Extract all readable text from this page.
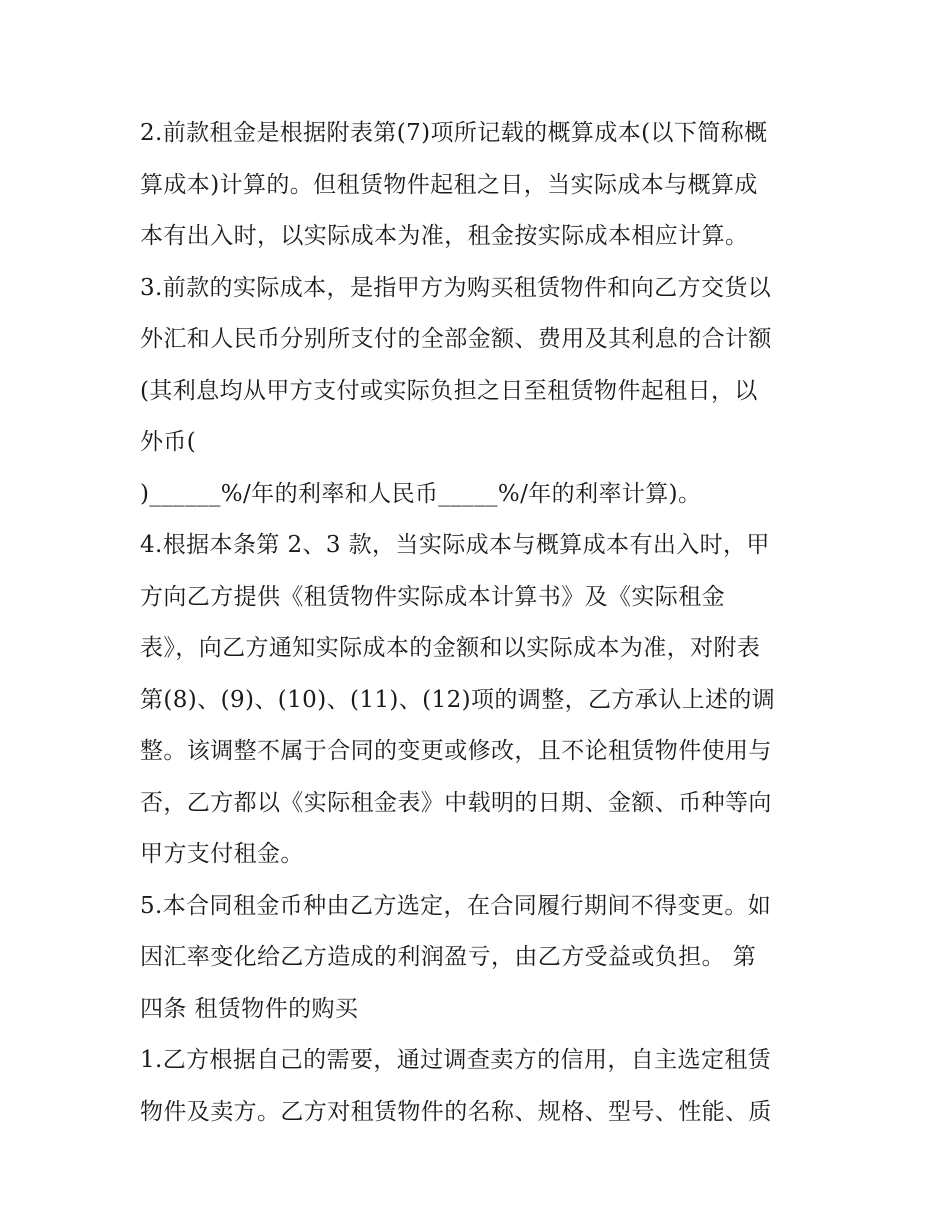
2.前款租金是根据附表第(7)项所记载的概算成本(以下简称概
算成本)计算的。但租赁物件起租之日，当实际成本与概算成
本有出入时，以实际成本为准，租金按实际成本相应计算。
3.前款的实际成本，是指甲方为购买租赁物件和向乙方交货以
外汇和人民币分别所支付的全部金额、费用及其利息的合计额
(其利息均从甲方支付或实际负担之日至租赁物件起租日，以
外币(
)______%/年的利率和人民币_____%/年的利率计算)。
4.根据本条第 2、3 款，当实际成本与概算成本有出入时，甲
方向乙方提供《租赁物件实际成本计算书》及《实际租金
表》，向乙方通知实际成本的金额和以实际成本为准，对附表
第(8)、(9)、(10)、(11)、(12)项的调整，乙方承认上述的调
整。该调整不属于合同的变更或修改，且不论租赁物件使用与
否，乙方都以《实际租金表》中载明的日期、金额、币种等向
甲方支付租金。
5.本合同租金币种由乙方选定，在合同履行期间不得变更。如
因汇率变化给乙方造成的利润盈亏，由乙方受益或负担。 第
四条 租赁物件的购买
1.乙方根据自己的需要，通过调查卖方的信用，自主选定租赁
物件及卖方。乙方对租赁物件的名称、规格、型号、性能、质
